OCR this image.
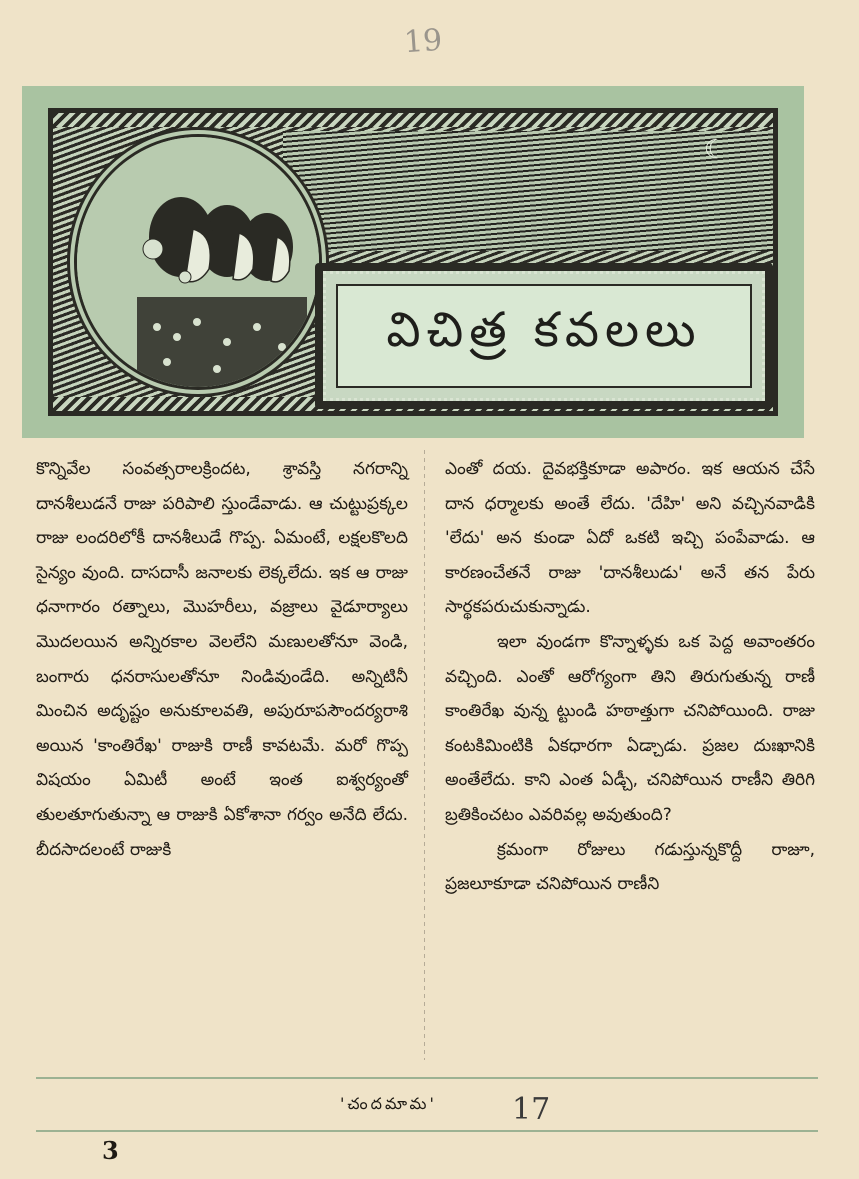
19
☾
విచిత్ర కవలలు

కొన్నివేల సంవత్సరాలక్రిందట, శ్రావస్తి నగరాన్ని దానశీలుడనే రాజు పరిపాలి స్తుండేవాడు. ఆ చుట్టుప్రక్కల రాజు లందరిలోకీ దానశీలుడే గొప్ప. ఏమంటే, లక్షలకొలది సైన్యం వుంది. దాసదాసీ జనాలకు లెక్కలేదు. ఇక ఆ రాజు ధనాగారం రత్నాలు, మొహరీలు, వజ్రాలు వైడూర్యాలు మొదలయిన అన్నిరకాల వెలలేని మణులతోనూ వెండి, బంగారు ధనరాసులతోనూ నిండివుండేది. అన్నిటినీ మించిన అదృష్టం అనుకూలవతి, అపురూపసౌందర్యరాశి అయిన 'కాంతిరేఖ' రాజుకి రాణీ కావటమే. మరో గొప్ప విషయం ఏమిటీ అంటే ఇంత ఐశ్వర్యంతో తులతూగుతున్నా ఆ రాజుకి ఏకోశానా గర్వం అనేది లేదు. బీదసాదలంటే రాజుకి

ఎంతో దయ. దైవభక్తికూడా అపారం. ఇక ఆయన చేసే దాన ధర్మాలకు అంతే లేదు. 'దేహి' అని వచ్చినవాడికి 'లేదు' అన కుండా ఏదో ఒకటి ఇచ్చి పంపేవాడు. ఆ కారణంచేతనే రాజు 'దానశీలుడు' అనే తన పేరు సార్థకపరుచుకున్నాడు.

ఇలా వుండగా కొన్నాళ్ళకు ఒక పెద్ద అవాంతరం వచ్చింది. ఎంతో ఆరోగ్యంగా తిని తిరుగుతున్న రాణీ కాంతిరేఖ వున్న ట్టుండి హఠాత్తుగా చనిపోయింది. రాజు కంటకిమింటికి ఏకధారగా ఏడ్చాడు. ప్రజల దుఃఖానికి అంతేలేదు. కాని ఎంత ఏడ్చీ, చనిపోయిన రాణీని తిరిగి బ్రతికించటం ఎవరివల్ల అవుతుంది?

క్రమంగా రోజులు గడుస్తున్నకొద్దీ రాజూ, ప్రజలూకూడా చనిపోయిన రాణీని

'చందమామ'	17
3
